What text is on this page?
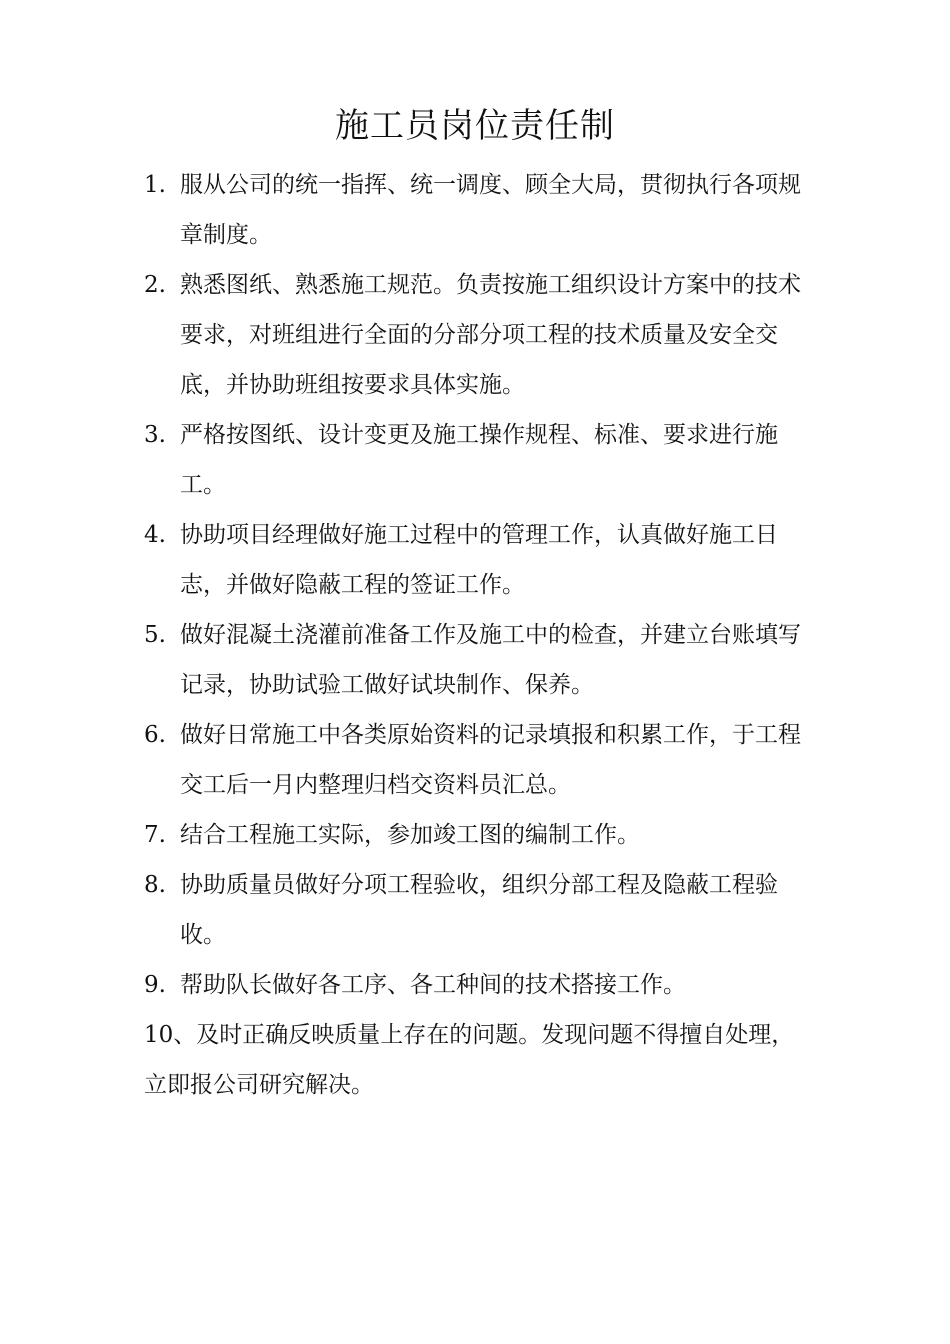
施工员岗位责任制
1. 服从公司的统一指挥、统一调度、顾全大局，贯彻执行各项规章制度。
2. 熟悉图纸、熟悉施工规范。负责按施工组织设计方案中的技术要求，对班组进行全面的分部分项工程的技术质量及安全交底，并协助班组按要求具体实施。
3. 严格按图纸、设计变更及施工操作规程、标准、要求进行施工。
4. 协助项目经理做好施工过程中的管理工作，认真做好施工日志，并做好隐蔽工程的签证工作。
5. 做好混凝土浇灌前准备工作及施工中的检查，并建立台账填写记录，协助试验工做好试块制作、保养。
6. 做好日常施工中各类原始资料的记录填报和积累工作，于工程交工后一月内整理归档交资料员汇总。
7. 结合工程施工实际，参加竣工图的编制工作。
8. 协助质量员做好分项工程验收，组织分部工程及隐蔽工程验收。
9. 帮助队长做好各工序、各工种间的技术搭接工作。
10、及时正确反映质量上存在的问题。发现问题不得擅自处理，立即报公司研究解决。
